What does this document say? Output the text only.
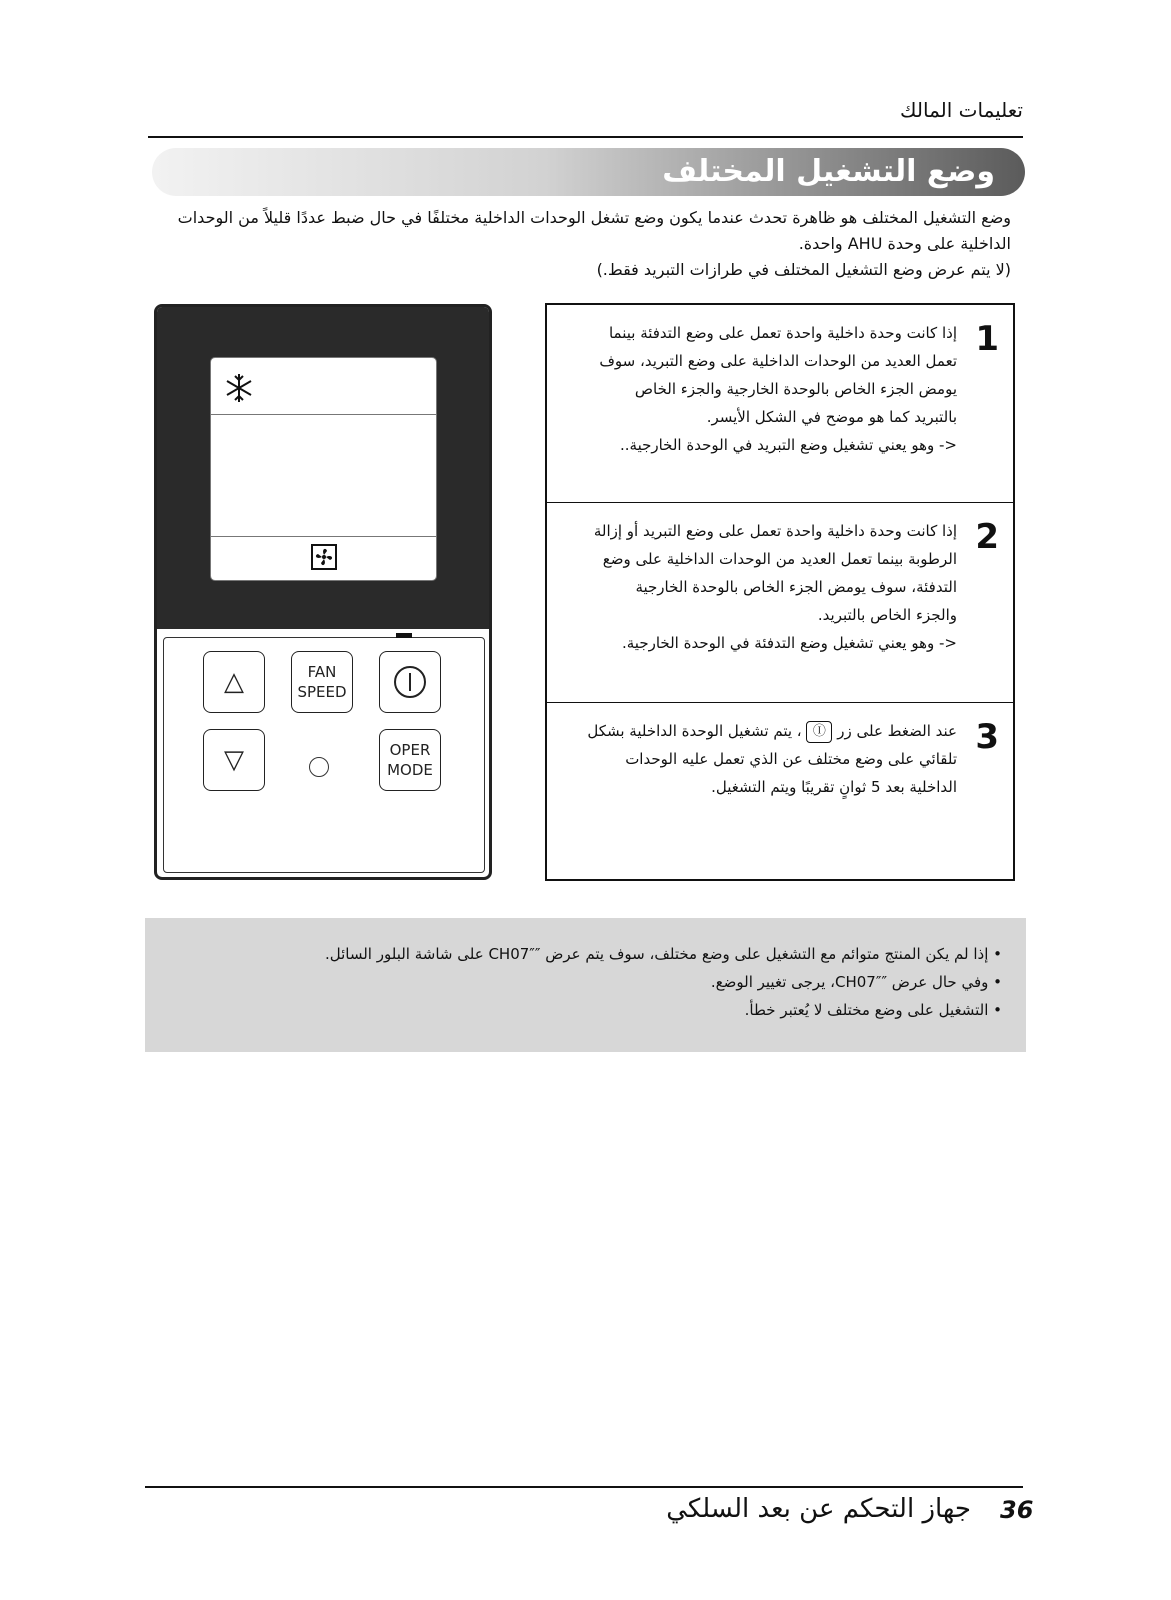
تعليمات المالك
وضع التشغيل المختلف
وضع التشغيل المختلف هو ظاهرة تحدث عندما يكون وضع تشغل الوحدات الداخلية مختلفًا في حال ضبط عددًا قليلاً من الوحدات
الداخلية على وحدة AHU واحدة.
(لا يتم عرض وضع التشغيل المختلف في طرازات التبريد فقط.)
△	FAN
SPEED
▽	OPER
MODE
1

إذا كانت وحدة داخلية واحدة تعمل على وضع التدفئة بينما

تعمل العديد من الوحدات الداخلية على وضع التبريد، سوف

يومض الجزء الخاص بالوحدة الخارجية والجزء الخاص

بالتبريد كما هو موضح في الشكل الأيسر.

<- وهو يعني تشغيل وضع التبريد في الوحدة الخارجية..

2

إذا كانت وحدة داخلية واحدة تعمل على وضع التبريد أو إزالة

الرطوبة بينما تعمل العديد من الوحدات الداخلية على وضع

التدفئة، سوف يومض الجزء الخاص بالوحدة الخارجية

والجزء الخاص بالتبريد.

<- وهو يعني تشغيل وضع التدفئة في الوحدة الخارجية.

3

عند الضغط على زر Ⓘ ، يتم تشغيل الوحدة الداخلية بشكل

تلقائي على وضع مختلف عن الذي تعمل عليه الوحدات

الداخلية بعد 5 ثوانٍ تقريبًا ويتم التشغيل.

• إذا لم يكن المنتج متوائم مع التشغيل على وضع مختلف، سوف يتم عرض ″CH07″ على شاشة البلور السائل.
• وفي حال عرض ″CH07″، يرجى تغيير الوضع.
• التشغيل على وضع مختلف لا يُعتبر خطأ.
36
جهاز التحكم عن بعد السلكي
